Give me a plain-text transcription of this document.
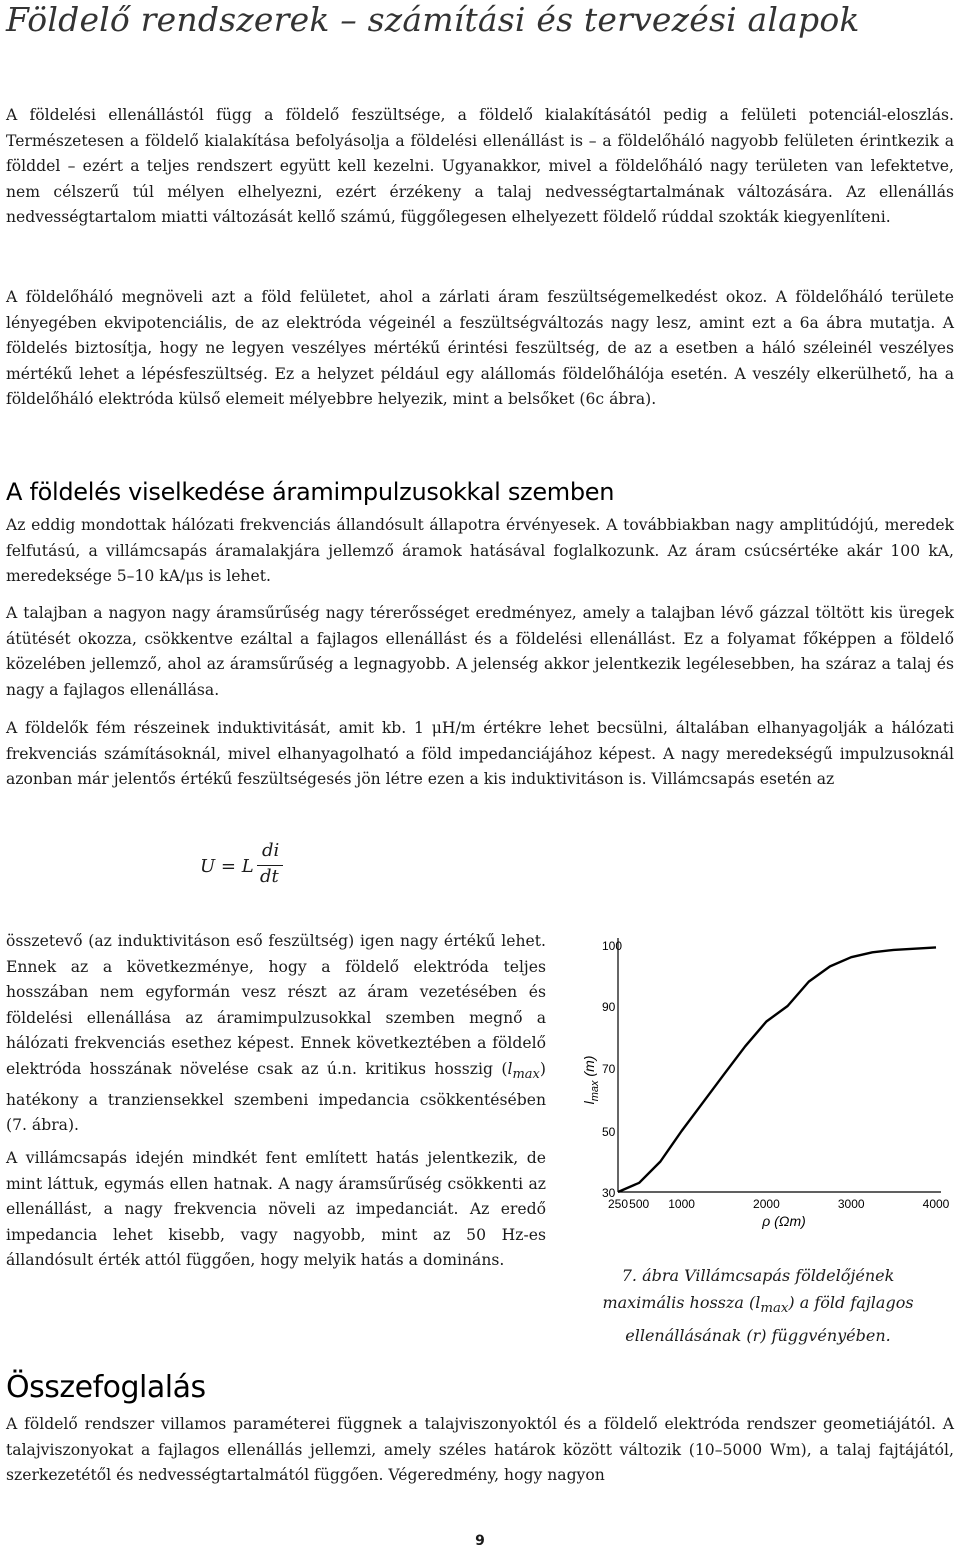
Földelő rendszerek – számítási és tervezési alapok

A földelési ellenállástól függ a földelő feszültsége, a földelő kialakításától pedig a felületi potenciál-eloszlás. Természetesen a földelő kialakítása befolyásolja a földelési ellenállást is – a földelőháló nagyobb felületen érintkezik a földdel – ezért a teljes rendszert együtt kell kezelni. Ugyanakkor, mivel a földelőháló nagy területen van lefektetve, nem célszerű túl mélyen elhelyezni, ezért érzékeny a talaj nedvességtartalmának változására. Az ellenállás nedvességtartalom miatti változását kellő számú, függőlegesen elhelyezett földelő rúddal szokták kiegyenlíteni.

A földelőháló megnöveli azt a föld felületet, ahol a zárlati áram feszültségemelkedést okoz. A földelőháló területe lényegében ekvipotenciális, de az elektróda végeinél a feszültségváltozás nagy lesz, amint ezt a 6a ábra mutatja. A földelés biztosítja, hogy ne legyen veszélyes mértékű érintési feszültség, de az a esetben a háló széleinél veszélyes mértékű lehet a lépésfeszültség. Ez a helyzet például egy alállomás földelőhálója esetén. A veszély elkerülhető, ha a földelőháló elektróda külső elemeit mélyebbre helyezik, mint a belsőket (6c ábra).

A földelés viselkedése áramimpulzusokkal szemben

Az eddig mondottak hálózati frekvenciás állandósult állapotra érvényesek. A továbbiakban nagy amplitúdójú, meredek felfutású, a villámcsapás áramalakjára jellemző áramok hatásával foglalkozunk. Az áram csúcsértéke akár 100 kA, meredeksége 5–10 kA/μs is lehet.

A talajban a nagyon nagy áramsűrűség nagy térerősséget eredményez, amely a talajban lévő gázzal töltött kis üregek átütését okozza, csökkentve ezáltal a fajlagos ellenállást és a földelési ellenállást. Ez a folyamat főképpen a földelő közelében jellemző, ahol az áramsűrűség a legnagyobb. A jelenség akkor jelentkezik legélesebben, ha száraz a talaj és nagy a fajlagos ellenállása.

A földelők fém részeinek induktivitását, amit kb. 1 μH/m értékre lehet becsülni, általában elhanyagolják a hálózati frekvenciás számításoknál, mivel elhanyagolható a föld impedanciájához képest. A nagy meredekségű impulzusoknál azonban már jelentős értékű feszültségesés jön létre ezen a kis induktivitáson is. Villámcsapás esetén az

U = L
di
dt

összetevő (az induktivitáson eső feszültség) igen nagy értékű lehet. Ennek az a következménye, hogy a földelő elektróda teljes hosszában nem egyformán vesz részt az áram vezetésében és földelési ellenállása az áramimpulzusokkal szemben megnő a hálózati frekvenciás esethez képest. Ennek következtében a földelő elektróda hosszának növelése csak az ú.n. kritikus hosszig $(l_{max})$ hatékony a tranziensekkel szembeni impedancia csökkentésében (7. ábra).

A villámcsapás idején mindkét fent említett hatás jelentkezik, de mint láttuk, egymás ellen hatnak. A nagy áramsűrűség csökkenti az ellenállást, a nagy frekvencia növeli az impedanciát. Az eredő impedancia lehet kisebb, vagy nagyobb, mint az 50 Hz-es állandósult érték attól függően, hogy melyik hatás a domináns.

30
50
70
90
100
250 500 1000	2000	3000	4000
$l_{max}$ (m)
ρ (Ωm)

7. ábra Villámcsapás földelőjének maximális hossza $(l_{max})$ a föld fajlagos ellenállásának (r) függvényében.

Összefoglalás

A földelő rendszer villamos paraméterei függnek a talajviszonyoktól és a földelő elektróda rendszer geometiájától. A talajviszonyokat a fajlagos ellenállás jellemzi, amely széles határok között változik (10–5000 Wm), a talaj fajtájától, szerkezetétől és nedvességtartalmától függően. Végeredmény, hogy nagyon

9
